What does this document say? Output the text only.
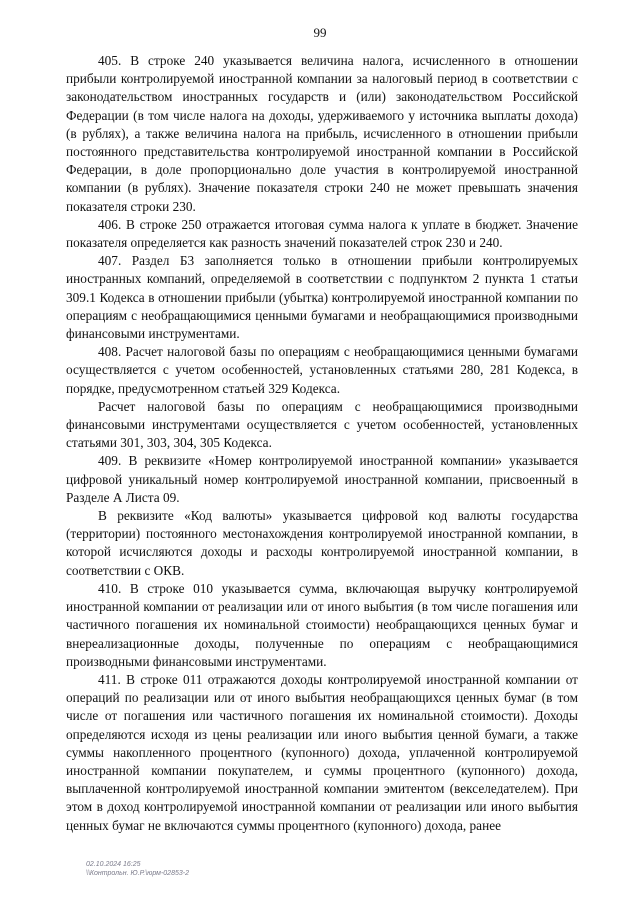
99

405. В строке 240 указывается величина налога, исчисленного в отношении прибыли контролируемой иностранной компании за налоговый период в соответствии с законодательством иностранных государств и (или) законодательством Российской Федерации (в том числе налога на доходы, удерживаемого у источника выплаты дохода) (в рублях), а также величина налога на прибыль, исчисленного в отношении прибыли постоянного представительства контролируемой иностранной компании в Российской Федерации, в доле пропорционально доле участия в контролируемой иностранной компании (в рублях). Значение показателя строки 240 не может превышать значения показателя строки 230.

406. В строке 250 отражается итоговая сумма налога к уплате в бюджет. Значение показателя определяется как разность значений показателей строк 230 и 240.

407. Раздел Б3 заполняется только в отношении прибыли контролируемых иностранных компаний, определяемой в соответствии с подпунктом 2 пункта 1 статьи 309.1 Кодекса в отношении прибыли (убытка) контролируемой иностранной компании по операциям с необращающимися ценными бумагами и необращающимися производными финансовыми инструментами.

408. Расчет налоговой базы по операциям с необращающимися ценными бумагами осуществляется с учетом особенностей, установленных статьями 280, 281 Кодекса, в порядке, предусмотренном статьей 329 Кодекса.

Расчет налоговой базы по операциям с необращающимися производными финансовыми инструментами осуществляется с учетом особенностей, установленных статьями 301, 303, 304, 305 Кодекса.

409. В реквизите «Номер контролируемой иностранной компании» указывается цифровой уникальный номер контролируемой иностранной компании, присвоенный в Разделе А Листа 09.

В реквизите «Код валюты» указывается цифровой код валюты государства (территории) постоянного местонахождения контролируемой иностранной компании, в которой исчисляются доходы и расходы контролируемой иностранной компании, в соответствии с ОКВ.

410. В строке 010 указывается сумма, включающая выручку контролируемой иностранной компании от реализации или от иного выбытия (в том числе погашения или частичного погашения их номинальной стоимости) необращающихся ценных бумаг и внереализационные доходы, полученные по операциям с необращающимися производными финансовыми инструментами.

411. В строке 011 отражаются доходы контролируемой иностранной компании от операций по реализации или от иного выбытия необращающихся ценных бумаг (в том числе от погашения или частичного погашения их номинальной стоимости). Доходы определяются исходя из цены реализации или иного выбытия ценной бумаги, а также суммы накопленного процентного (купонного) дохода, уплаченной контролируемой иностранной компании покупателем, и суммы процентного (купонного) дохода, выплаченной контролируемой иностранной компании эмитентом (векселедателем). При этом в доход контролируемой иностранной компании от реализации или иного выбытия ценных бумаг не включаются суммы процентного (купонного) дохода, ранее

02.10.2024 16:25
\\Контрольн. Ю.Р.\юрм-02853-2
